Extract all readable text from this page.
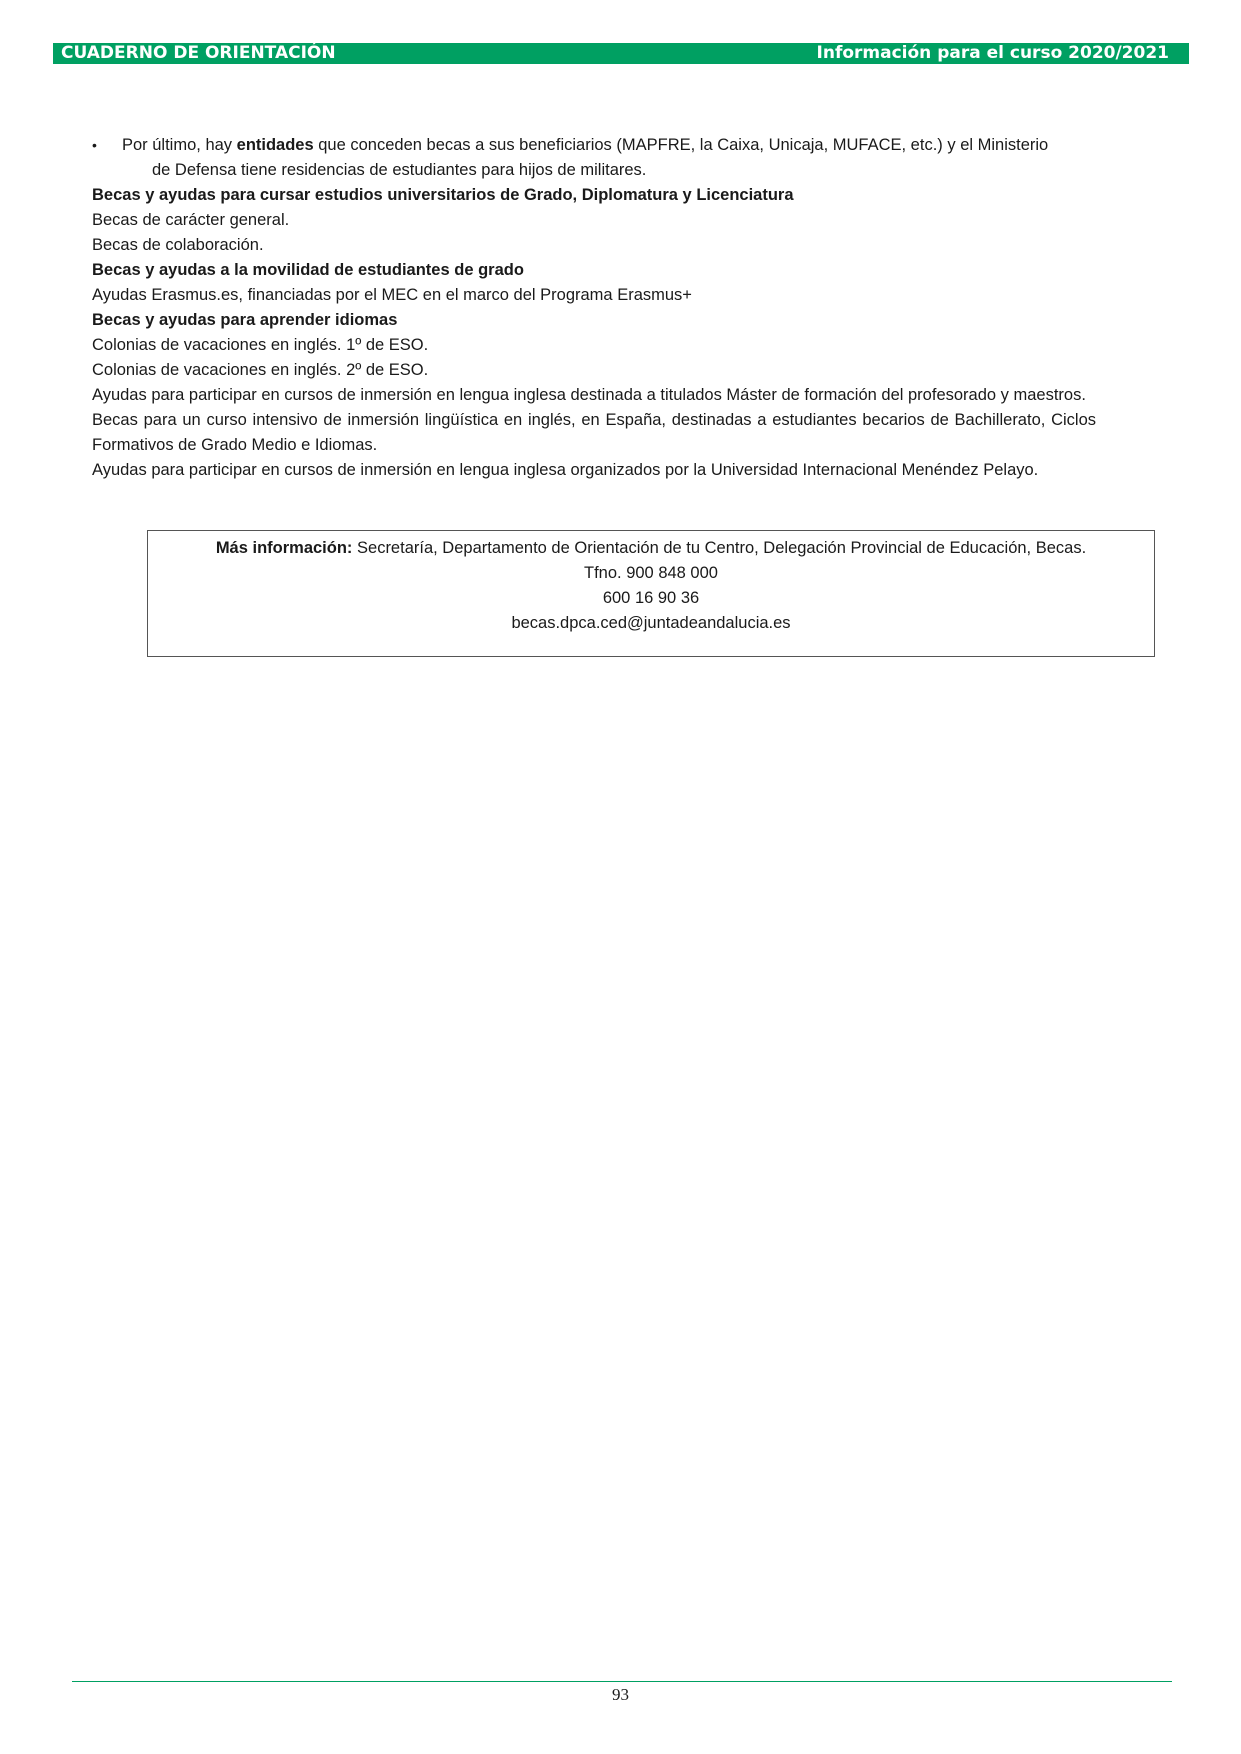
CUADERNO DE ORIENTACIÓN	Información para el curso 2020/2021

• Por último, hay entidades que conceden becas a sus beneficiarios (MAPFRE, la Caixa, Unicaja, MUFACE, etc.) y el Ministerio
de Defensa tiene residencias de estudiantes para hijos de militares.

Becas y ayudas para cursar estudios universitarios de Grado, Diplomatura y Licenciatura

Becas de carácter general.

Becas de colaboración.

Becas y ayudas a la movilidad de estudiantes de grado

Ayudas Erasmus.es, financiadas por el MEC en el marco del Programa Erasmus+

Becas y ayudas para aprender idiomas

Colonias de vacaciones en inglés. 1º de ESO.

Colonias de vacaciones en inglés. 2º de ESO.

Ayudas para participar en cursos de inmersión en lengua inglesa destinada a titulados Máster de formación del profesorado y maestros.

Becas para un curso intensivo de inmersión lingüística en inglés, en España, destinadas a estudiantes becarios de Bachillerato, Ciclos Formativos de Grado Medio e Idiomas.

Ayudas para participar en cursos de inmersión en lengua inglesa organizados por la Universidad Internacional Menéndez Pelayo.

Más información: Secretaría, Departamento de Orientación de tu Centro, Delegación Provincial de Educación, Becas.

Tfno. 900 848 000

600 16 90 36

becas.dpca.ced@juntadeandalucia.es

93
